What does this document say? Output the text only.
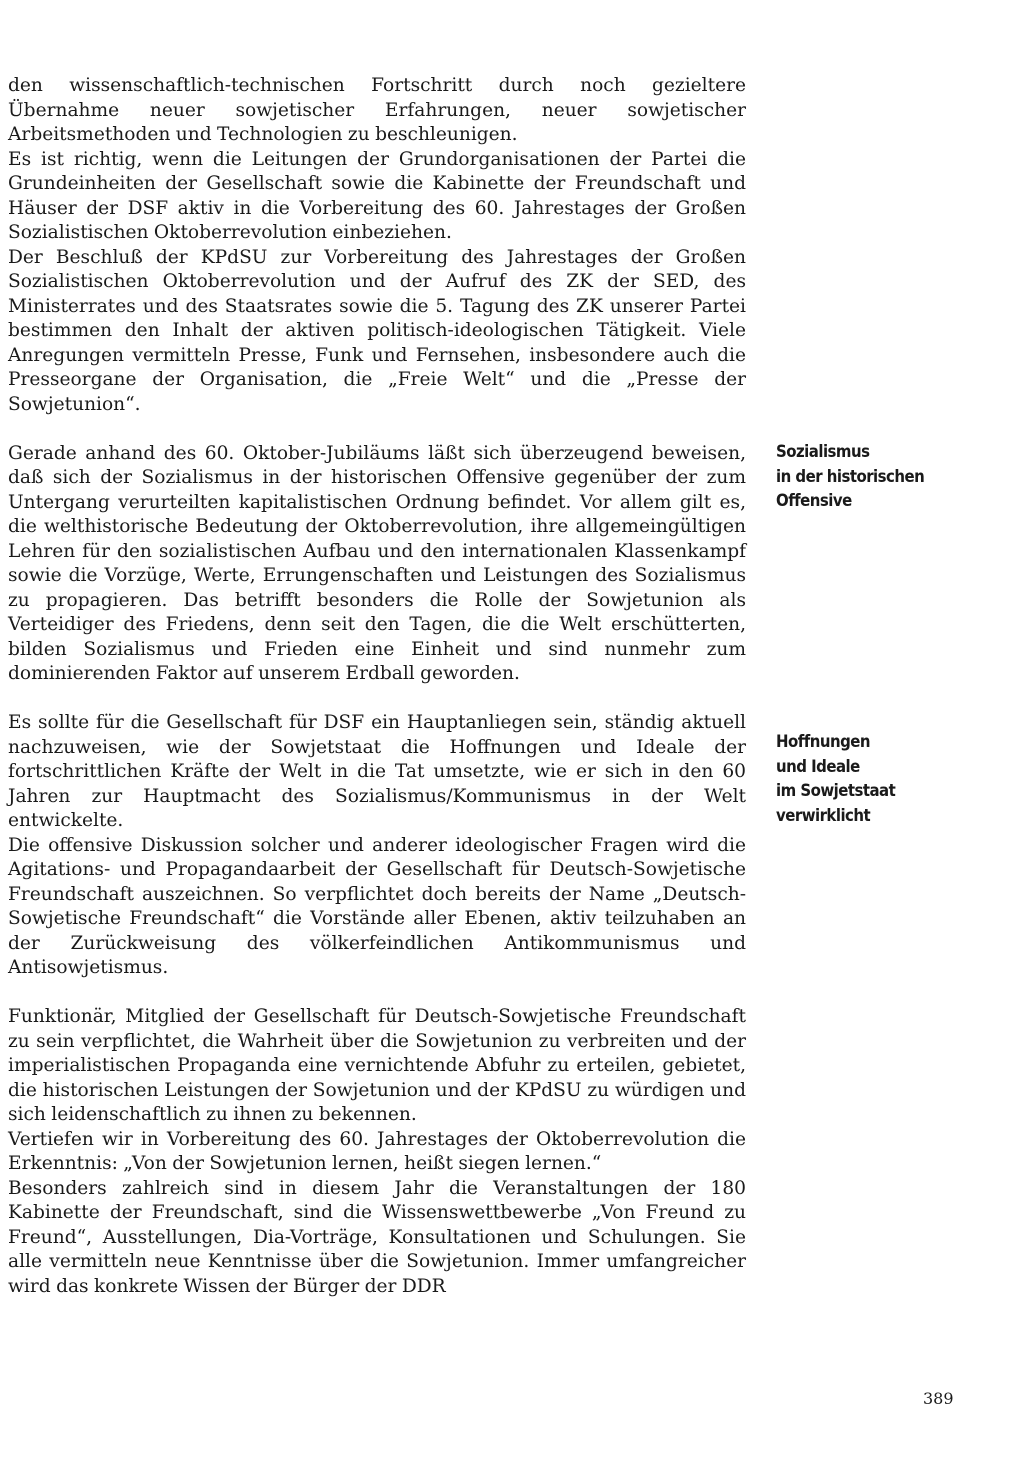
den wissenschaftlich-technischen Fortschritt durch noch gezieltere Übernahme neuer sowjetischer Erfahrungen, neuer sowjetischer Arbeitsmethoden und Technologien zu beschleunigen.

Es ist richtig, wenn die Leitungen der Grundorganisationen der Partei die Grundeinheiten der Gesellschaft sowie die Kabinette der Freundschaft und Häuser der DSF aktiv in die Vorbereitung des 60. Jahrestages der Großen Sozialistischen Oktoberrevolution einbeziehen.

Der Beschluß der KPdSU zur Vorbereitung des Jahrestages der Großen Sozialistischen Oktoberrevolution und der Aufruf des ZK der SED, des Ministerrates und des Staatsrates sowie die 5. Tagung des ZK unserer Partei bestimmen den Inhalt der aktiven politisch-ideologischen Tätigkeit. Viele Anregungen vermitteln Presse, Funk und Fernsehen, insbesondere auch die Presseorgane der Organisation, die „Freie Welt“ und die „Presse der Sowjetunion“.

Gerade anhand des 60. Oktober-Jubiläums läßt sich überzeugend beweisen, daß sich der Sozialismus in der historischen Offensive gegenüber der zum Untergang verurteilten kapitalistischen Ordnung befindet. Vor allem gilt es, die welthistorische Bedeutung der Oktoberrevolution, ihre allgemeingültigen Lehren für den sozialistischen Aufbau und den internationalen Klassenkampf sowie die Vorzüge, Werte, Errungenschaften und Leistungen des Sozialismus zu propagieren. Das betrifft besonders die Rolle der Sowjetunion als Verteidiger des Friedens, denn seit den Tagen, die die Welt erschütterten, bilden Sozialismus und Frieden eine Einheit und sind nunmehr zum dominierenden Faktor auf unserem Erdball geworden.

Es sollte für die Gesellschaft für DSF ein Hauptanliegen sein, ständig aktuell nachzuweisen, wie der Sowjetstaat die Hoffnungen und Ideale der fortschrittlichen Kräfte der Welt in die Tat umsetzte, wie er sich in den 60 Jahren zur Hauptmacht des Sozialismus/Kommunismus in der Welt entwickelte.

Die offensive Diskussion solcher und anderer ideologischer Fragen wird die Agitations- und Propagandaarbeit der Gesellschaft für Deutsch-Sowjetische Freundschaft auszeichnen. So verpflichtet doch bereits der Name „Deutsch-Sowjetische Freundschaft“ die Vorstände aller Ebenen, aktiv teilzuhaben an der Zurückweisung des völkerfeindlichen Antikommunismus und Antisowjetismus.

Funktionär, Mitglied der Gesellschaft für Deutsch-Sowjetische Freundschaft zu sein verpflichtet, die Wahrheit über die Sowjetunion zu verbreiten und der imperialistischen Propaganda eine vernichtende Abfuhr zu erteilen, gebietet, die historischen Leistungen der Sowjetunion und der KPdSU zu würdigen und sich leidenschaftlich zu ihnen zu bekennen.

Vertiefen wir in Vorbereitung des 60. Jahrestages der Oktoberrevolution die Erkenntnis: „Von der Sowjetunion lernen, heißt siegen lernen.“

Besonders zahlreich sind in diesem Jahr die Veranstaltungen der 180 Kabinette der Freundschaft, sind die Wissenswettbewerbe „Von Freund zu Freund“, Ausstellungen, Dia-Vorträge, Konsultationen und Schulungen. Sie alle vermitteln neue Kenntnisse über die Sowjetunion. Immer umfangreicher wird das konkrete Wissen der Bürger der DDR

Sozialismus
in der historischen
Offensive
Hoffnungen
und Ideale
im Sowjetstaat
verwirklicht
389
